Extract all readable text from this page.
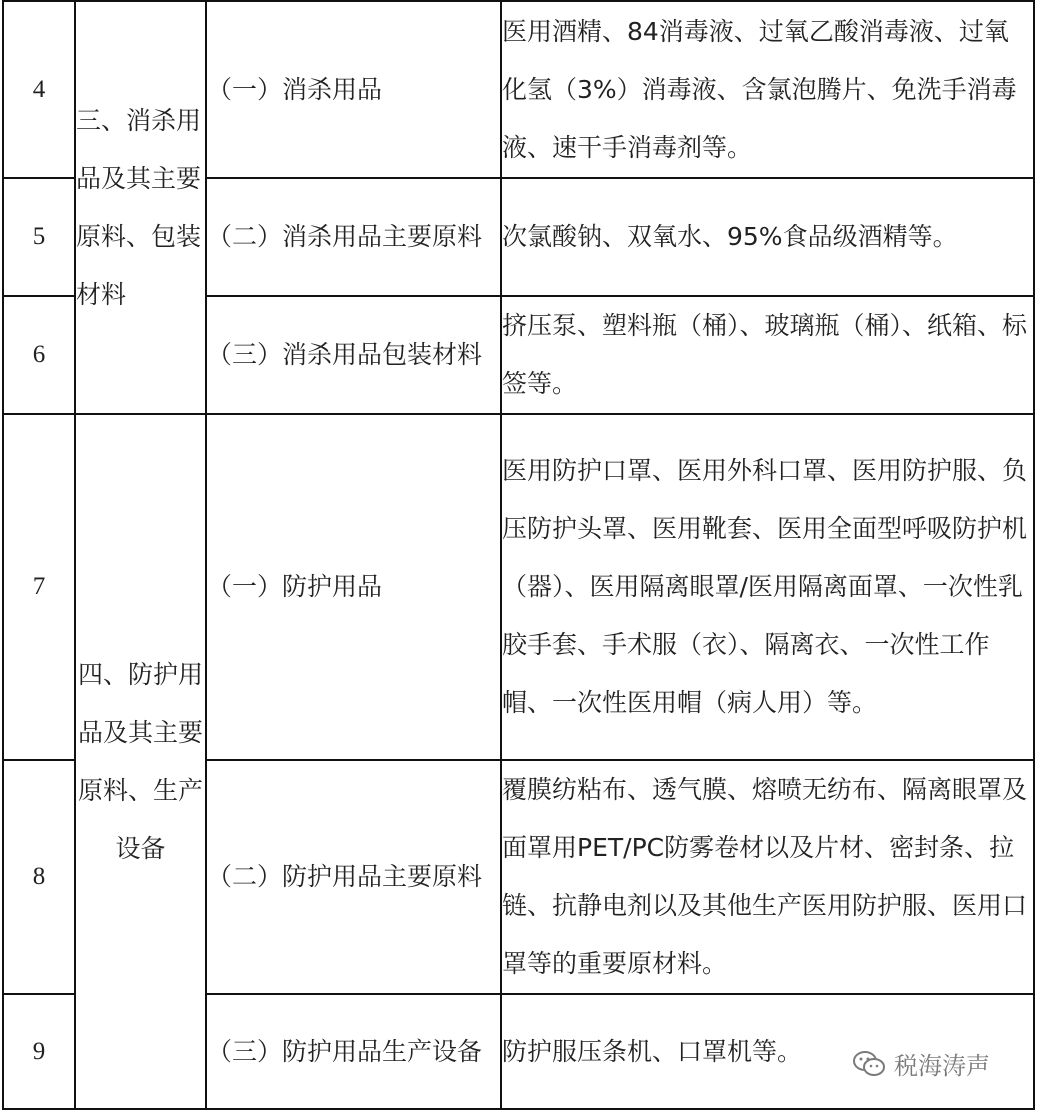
4	三、消杀用品及其主要原料、包装材料	（一）消杀用品	医用酒精、84消毒液、过氧乙酸消毒液、过氧化氢（3%）消毒液、含氯泡腾片、免洗手消毒液、速干手消毒剂等。
5		（二）消杀用品主要原料	次氯酸钠、双氧水、95%食品级酒精等。
6		（三）消杀用品包装材料	挤压泵、塑料瓶（桶）、玻璃瓶（桶）、纸箱、标签等。
7	四、防护用品及其主要原料、生产设备	（一）防护用品	医用防护口罩、医用外科口罩、医用防护服、负压防护头罩、医用靴套、医用全面型呼吸防护机（器）、医用隔离眼罩/医用隔离面罩、一次性乳胶手套、手术服（衣）、隔离衣、一次性工作帽、一次性医用帽（病人用）等。
8		（二）防护用品主要原料	覆膜纺粘布、透气膜、熔喷无纺布、隔离眼罩及面罩用PET/PC防雾卷材以及片材、密封条、拉链、抗静电剂以及其他生产医用防护服、医用口罩等的重要原材料。
9		（三）防护用品生产设备	防护服压条机、口罩机等。
税海涛声
